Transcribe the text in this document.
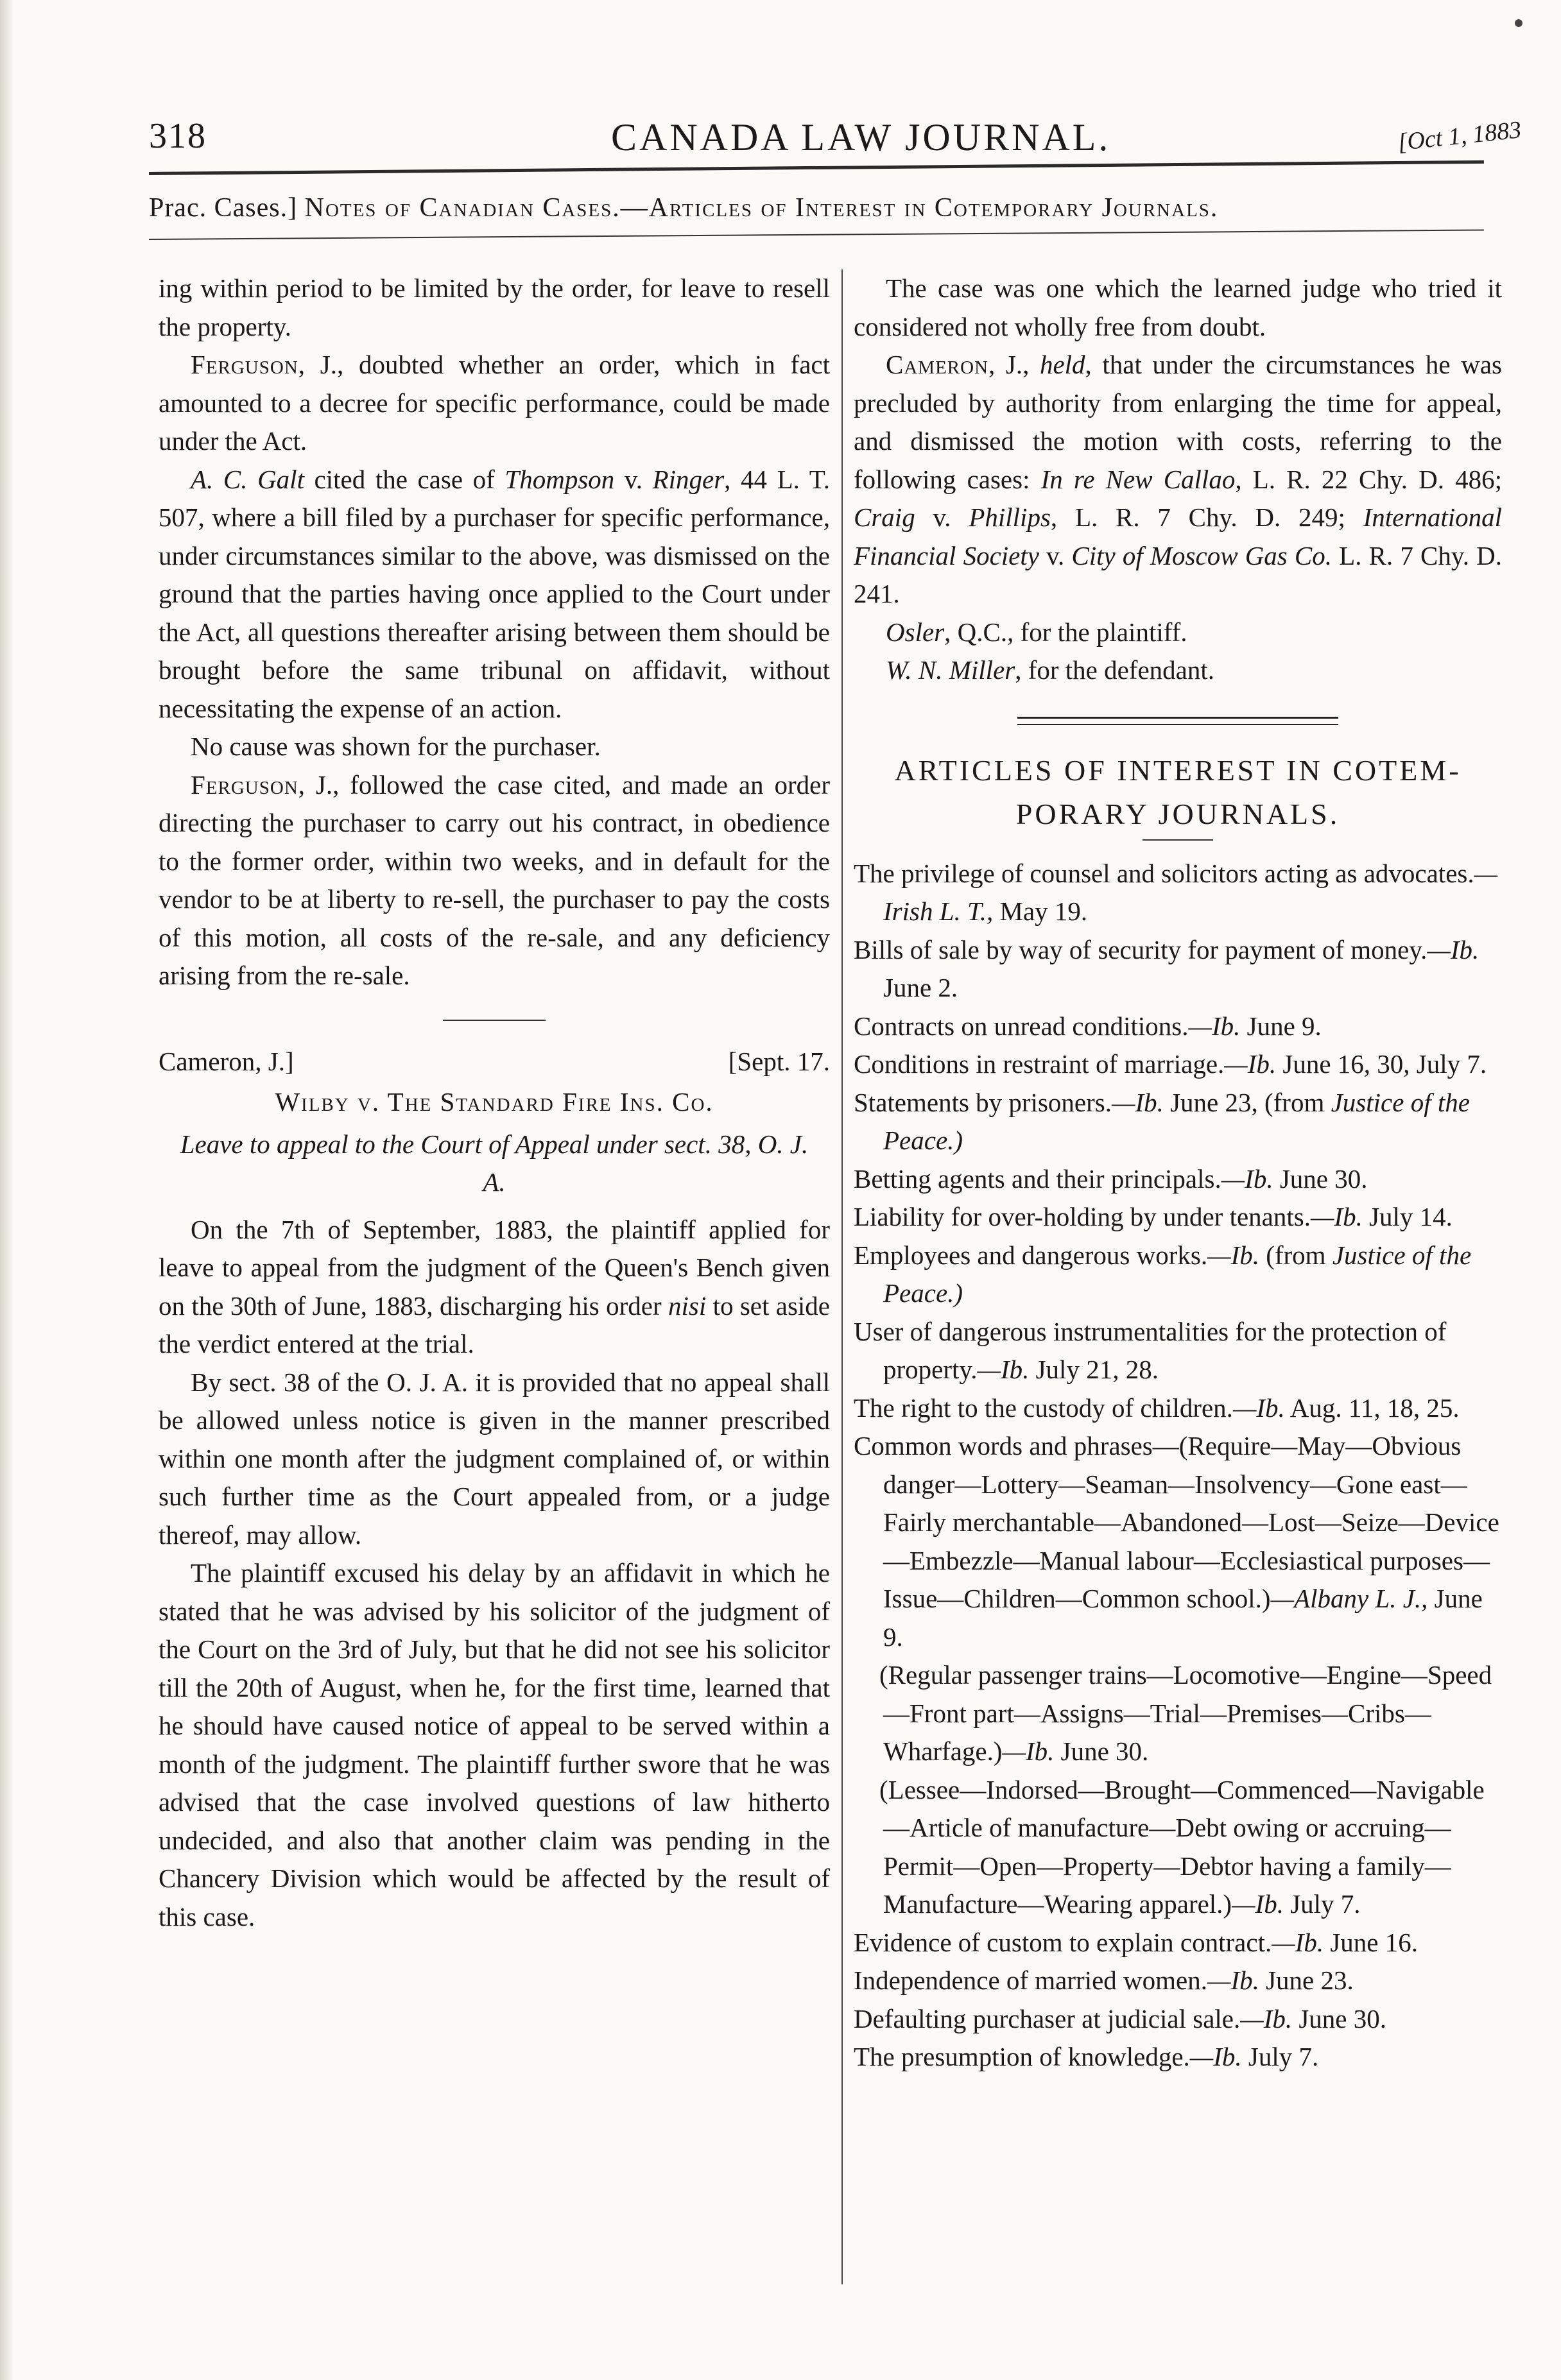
318	CANADA LAW JOURNAL.	[Oct 1, 1883
Prac. Cases.] Notes of Canadian Cases.—Articles of Interest in Cotemporary Journals.

ing within period to be limited by the order, for leave to resell the property.

Ferguson, J., doubted whether an order, which in fact amounted to a decree for specific performance, could be made under the Act.

A. C. Galt cited the case of Thompson v. Ringer, 44 L. T. 507, where a bill filed by a purchaser for specific performance, under circumstances similar to the above, was dismissed on the ground that the parties having once applied to the Court under the Act, all questions thereafter arising between them should be brought before the same tribunal on affidavit, without necessitating the expense of an action.

No cause was shown for the purchaser.

Ferguson, J., followed the case cited, and made an order directing the purchaser to carry out his contract, in obedience to the former order, within two weeks, and in default for the vendor to be at liberty to re-sell, the purchaser to pay the costs of this motion, all costs of the re-sale, and any deficiency arising from the re-sale.

Cameron, J.]	[Sept. 17.

Wilby v. The Standard Fire Ins. Co.

Leave to appeal to the Court of Appeal under sect. 38, O. J. A.

On the 7th of September, 1883, the plaintiff applied for leave to appeal from the judgment of the Queen's Bench given on the 30th of June, 1883, discharging his order nisi to set aside the verdict entered at the trial.

By sect. 38 of the O. J. A. it is provided that no appeal shall be allowed unless notice is given in the manner prescribed within one month after the judgment complained of, or within such further time as the Court appealed from, or a judge thereof, may allow.

The plaintiff excused his delay by an affidavit in which he stated that he was advised by his solicitor of the judgment of the Court on the 3rd of July, but that he did not see his solicitor till the 20th of August, when he, for the first time, learned that he should have caused notice of appeal to be served within a month of the judgment. The plaintiff further swore that he was advised that the case involved questions of law hitherto undecided, and also that another claim was pending in the Chancery Division which would be affected by the result of this case.

The case was one which the learned judge who tried it considered not wholly free from doubt.

Cameron, J., held, that under the circumstances he was precluded by authority from enlarging the time for appeal, and dismissed the motion with costs, referring to the following cases: In re New Callao, L. R. 22 Chy. D. 486; Craig v. Phillips, L. R. 7 Chy. D. 249; International Financial Society v. City of Moscow Gas Co. L. R. 7 Chy. D. 241.

Osler, Q.C., for the plaintiff.

W. N. Miller, for the defendant.

ARTICLES OF INTEREST IN COTEM-

PORARY JOURNALS.

The privilege of counsel and solicitors acting as advocates.—Irish L. T., May 19.

Bills of sale by way of security for payment of money.—Ib. June 2.

Contracts on unread conditions.—Ib. June 9.

Conditions in restraint of marriage.—Ib. June 16, 30, July 7.

Statements by prisoners.—Ib. June 23, (from Justice of the Peace.)

Betting agents and their principals.—Ib. June 30.

Liability for over-holding by under tenants.—Ib. July 14.

Employees and dangerous works.—Ib. (from Justice of the Peace.)

User of dangerous instrumentalities for the protection of property.—Ib. July 21, 28.

The right to the custody of children.—Ib. Aug. 11, 18, 25.

Common words and phrases—(Require—May—Obvious danger—Lottery—Seaman—Insolvency—Gone east—Fairly merchantable—Abandoned—Lost—Seize—Device—Embezzle—Manual labour—Ecclesiastical purposes—Issue—Children—Common school.)—Albany L. J., June 9.

(Regular passenger trains—Locomotive—Engine—Speed—Front part—Assigns—Trial—Premises—Cribs—Wharfage.)—Ib. June 30.

(Lessee—Indorsed—Brought—Commenced—Navigable—Article of manufacture—Debt owing or accruing—Permit—Open—Property—Debtor having a family—Manufacture—Wearing apparel.)—Ib. July 7.

Evidence of custom to explain contract.—Ib. June 16.

Independence of married women.—Ib. June 23.

Defaulting purchaser at judicial sale.—Ib. June 30.

The presumption of knowledge.—Ib. July 7.
